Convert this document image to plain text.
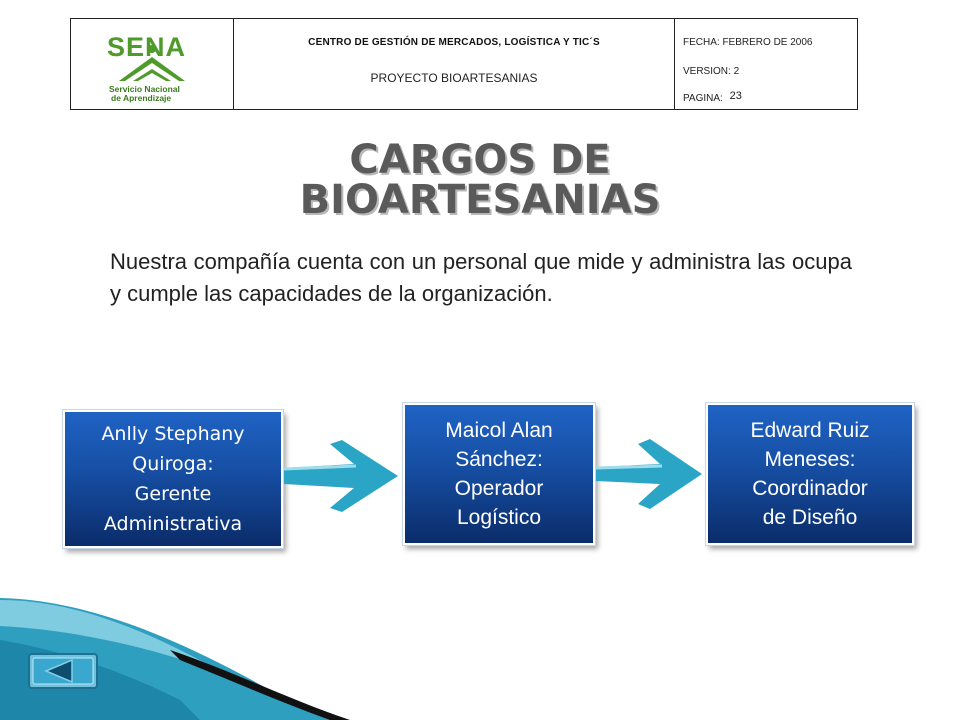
SENA
Servicio Nacional
de Aprendizaje
CENTRO DE GESTIÓN DE MERCADOS, LOGÍSTICA Y TIC´S
PROYECTO BIOARTESANIAS
FECHA: FEBRERO DE 2006
VERSION: 2
PAGINA: 23
CARGOS DE
BIOARTESANIAS
Nuestra compañía cuenta con un personal que mide y administra las ocupa y cumple las capacidades de la organización.
Anlly Stephany
Quiroga:
Gerente
Administrativa
Maicol Alan
Sánchez:
Operador
Logístico
Edward Ruiz
Meneses:
Coordinador
de Diseño
